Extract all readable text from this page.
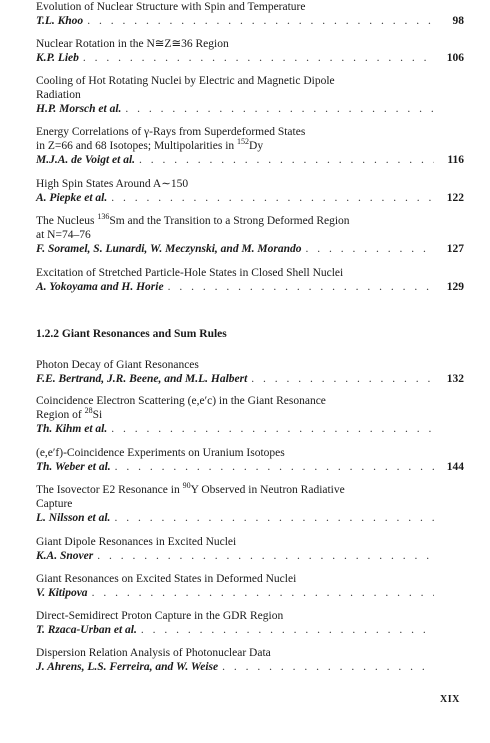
Evolution of Nuclear Structure with Spin and Temperature
T.L. Khoo . . .	98
Nuclear Rotation in the N≅Z≅36 Region
K.P. Lieb . . .	106
Cooling of Hot Rotating Nuclei by Electric and Magnetic Dipole
Radiation
H.P. Morsch et al.
. . .
Energy Correlations of γ-Rays from Superdeformed States
in Z=66 and 68 Isotopes; Multipolarities in $^{152}$Dy
M.J.A. de Voigt et al. . . .	116
High Spin States Around A∼150
A. Piepke et al. . . .	122
The Nucleus $^{136}$Sm and the Transition to a Strong Deformed Region
at N=74–76
F. Soramel, S. Lunardi, W. Meczynski, and M. Morando . . .	127
Excitation of Stretched Particle-Hole States in Closed Shell Nuclei
A. Yokoyama and H. Horie . . .	129
1.2.2 Giant Resonances and Sum Rules
Photon Decay of Giant Resonances
F.E. Bertrand, J.R. Beene, and M.L. Halbert . . .	132
Coincidence Electron Scattering (e,e′c) in the Giant Resonance
Region of $^{28}$Si
Th. Kihm et al.
. . .
(e,e′f)-Coincidence Experiments on Uranium Isotopes
Th. Weber et al. . . .	144
The Isovector E2 Resonance in $^{90}$Y Observed in Neutron Radiative
Capture
L. Nilsson et al.
. . .
Giant Dipole Resonances in Excited Nuclei
K.A. Snover
. . .
Giant Resonances on Excited States in Deformed Nuclei
V. Kitipova
. . .
Direct-Semidirect Proton Capture in the GDR Region
T. Rzaca-Urban et al.
. . .
Dispersion Relation Analysis of Photonuclear Data
J. Ahrens, L.S. Ferreira, and W. Weise
. . .
XIX
